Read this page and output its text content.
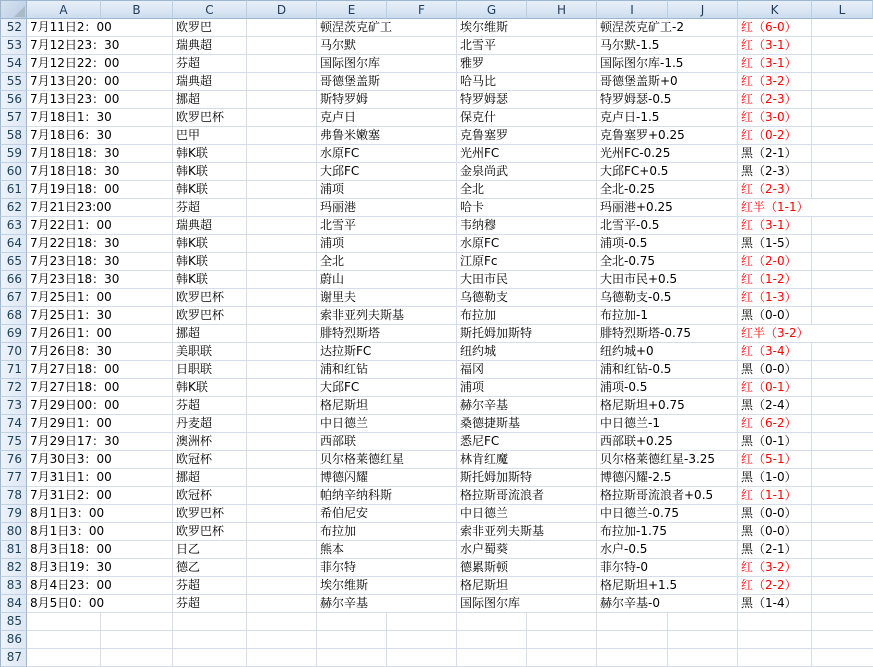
A	B	C	D	E	F	G	H	I	J	K	L
52 7月11日2：00	欧罗巴	顿涅茨克矿工	埃尔维斯	顿涅茨克矿工-2	红（6-0）
53 7月12日23：30	瑞典超	马尔默	北雪平	马尔默-1.5	红（3-1）
54 7月12日22：00	芬超	国际图尔库	雅罗	国际图尔库-1.5	红（3-1）
55 7月13日20：00	瑞典超	哥德堡盖斯	哈马比	哥德堡盖斯+0	红（3-2）
56 7月13日23：00	挪超	斯特罗姆	特罗姆瑟	特罗姆瑟-0.5	红（2-3）
57 7月18日1：30	欧罗巴杯	克卢日	保克什	克卢日-1.5	红（3-0）
58 7月18日6：30	巴甲	弗鲁米嫩塞	克鲁塞罗	克鲁塞罗+0.25	红（0-2）
59 7月18日18：30	韩K联	水原FC	光州FC	光州FC-0.25	黑（2-1）
60 7月18日18：30	韩K联	大邱FC	金泉尚武	大邱FC+0.5	黑（2-3）
61 7月19日18：00	韩K联	浦项	全北	全北-0.25	红（2-3）
62 7月21日23:00	芬超	玛丽港	哈卡	玛丽港+0.25	红半（1-1）
63 7月22日1：00	瑞典超	北雪平	韦纳穆	北雪平-0.5	红（3-1）
64 7月22日18：30	韩K联	浦项	水原FC	浦项-0.5	黑（1-5）
65 7月23日18：30	韩K联	全北	江原Fc	全北-0.75	红（2-0）
66 7月23日18：30	韩K联	蔚山	大田市民	大田市民+0.5	红（1-2）
67 7月25日1：00	欧罗巴杯	谢里夫	乌德勒支	乌德勒支-0.5	红（1-3）
68 7月25日1：30	欧罗巴杯	索非亚列夫斯基	布拉加	布拉加-1	黑（0-0）
69 7月26日1：00	挪超	腓特烈斯塔	斯托姆加斯特	腓特烈斯塔-0.75	红半（3-2）
70 7月26日8：30	美职联	达拉斯FC	纽约城	纽约城+0	红（3-4）
71 7月27日18：00	日职联	浦和红钻	福冈	浦和红钻-0.5	黑（0-0）
72 7月27日18：00	韩K联	大邱FC	浦项	浦项-0.5	红（0-1）
73 7月29日00：00	芬超	格尼斯坦	赫尔辛基	格尼斯坦+0.75	黑（2-4）
74 7月29日1：00	丹麦超	中日德兰	桑德捷斯基	中日德兰-1	红（6-2）
75 7月29日17：30	澳洲杯	西部联	悉尼FC	西部联+0.25	黑（0-1）
76 7月30日3：00	欧冠杯	贝尔格莱德红星	林肯红魔	贝尔格莱德红星-3.25	红（5-1）
77 7月31日1：00	挪超	博德闪耀	斯托姆加斯特	博德闪耀-2.5	黑（1-0）
78 7月31日2：00	欧冠杯	帕纳辛纳科斯	格拉斯哥流浪者	格拉斯哥流浪者+0.5	红（1-1）
79 8月1日3：00	欧罗巴杯	希伯尼安	中日德兰	中日德兰-0.75	黑（0-0）
80 8月1日3：00	欧罗巴杯	布拉加	索非亚列夫斯基	布拉加-1.75	黑（0-0）
81 8月3日18：00	日乙	熊本	水户蜀葵	水户-0.5	黑（2-1）
82 8月3日19：30	德乙	菲尔特	德累斯顿	菲尔特-0	红（3-2）
83 8月4日23：00	芬超	埃尔维斯	格尼斯坦	格尼斯坦+1.5	红（2-2）
84 8月5日0：00	芬超	赫尔辛基	国际图尔库	赫尔辛基-0	黑（1-4）
85
86
87
